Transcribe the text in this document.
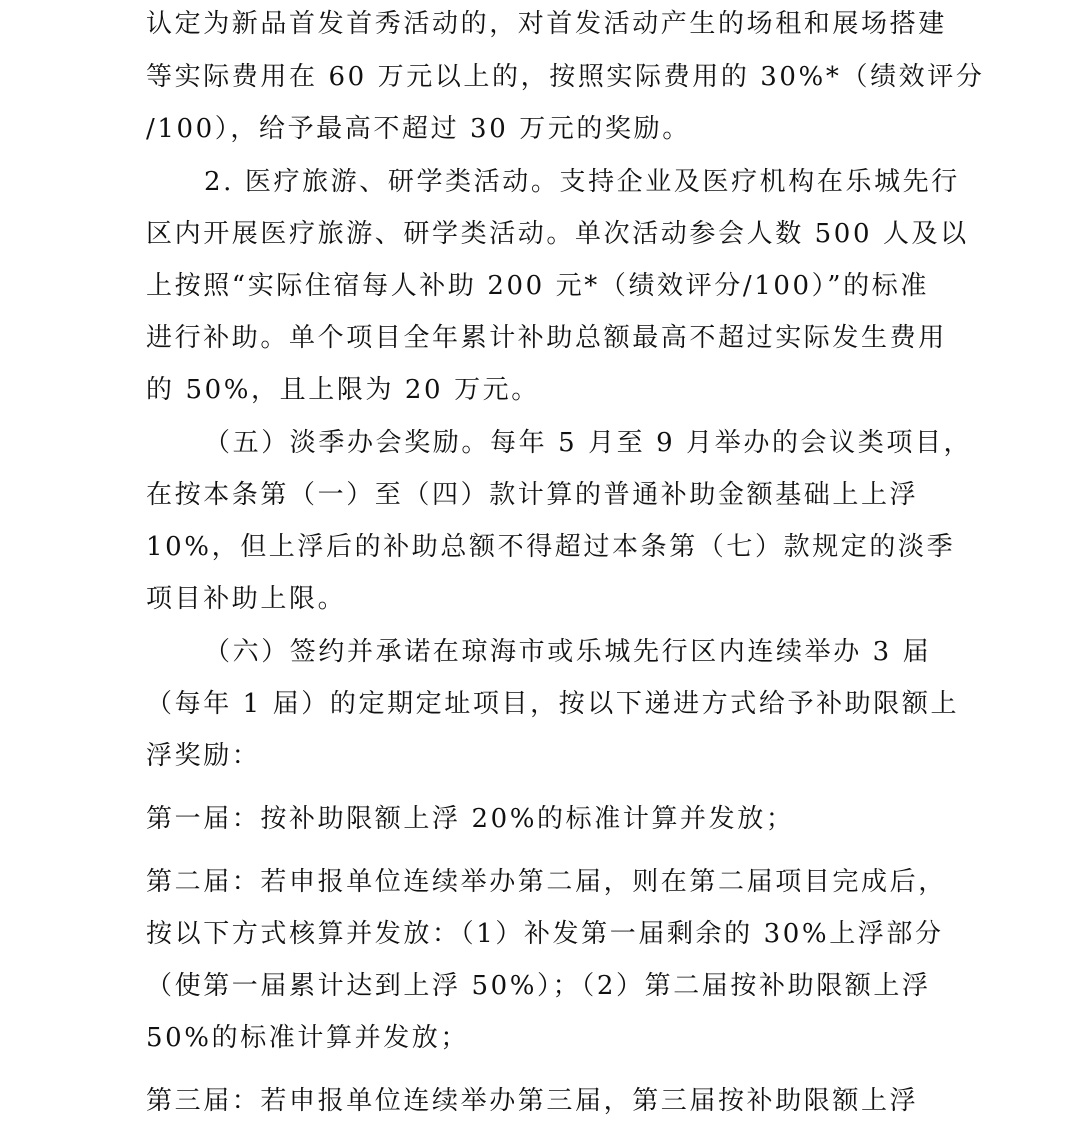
认定为新品首发首秀活动的，对首发活动产生的场租和展场搭建
等实际费用在 60 万元以上的，按照实际费用的 30%*（绩效评分
/100），给予最高不超过 30 万元的奖励。
2. 医疗旅游、研学类活动。支持企业及医疗机构在乐城先行
区内开展医疗旅游、研学类活动。单次活动参会人数 500 人及以
上按照“实际住宿每人补助 200 元*（绩效评分/100）”的标准
进行补助。单个项目全年累计补助总额最高不超过实际发生费用
的 50%，且上限为 20 万元。
（五）淡季办会奖励。每年 5 月至 9 月举办的会议类项目，
在按本条第（一）至（四）款计算的普通补助金额基础上上浮
10%，但上浮后的补助总额不得超过本条第（七）款规定的淡季
项目补助上限。
（六）签约并承诺在琼海市或乐城先行区内连续举办 3 届
（每年 1 届）的定期定址项目，按以下递进方式给予补助限额上
浮奖励：
第一届：按补助限额上浮 20%的标准计算并发放；
第二届：若申报单位连续举办第二届，则在第二届项目完成后，
按以下方式核算并发放：（1）补发第一届剩余的 30%上浮部分
（使第一届累计达到上浮 50%）；（2）第二届按补助限额上浮
50%的标准计算并发放；
第三届：若申报单位连续举办第三届，第三届按补助限额上浮
